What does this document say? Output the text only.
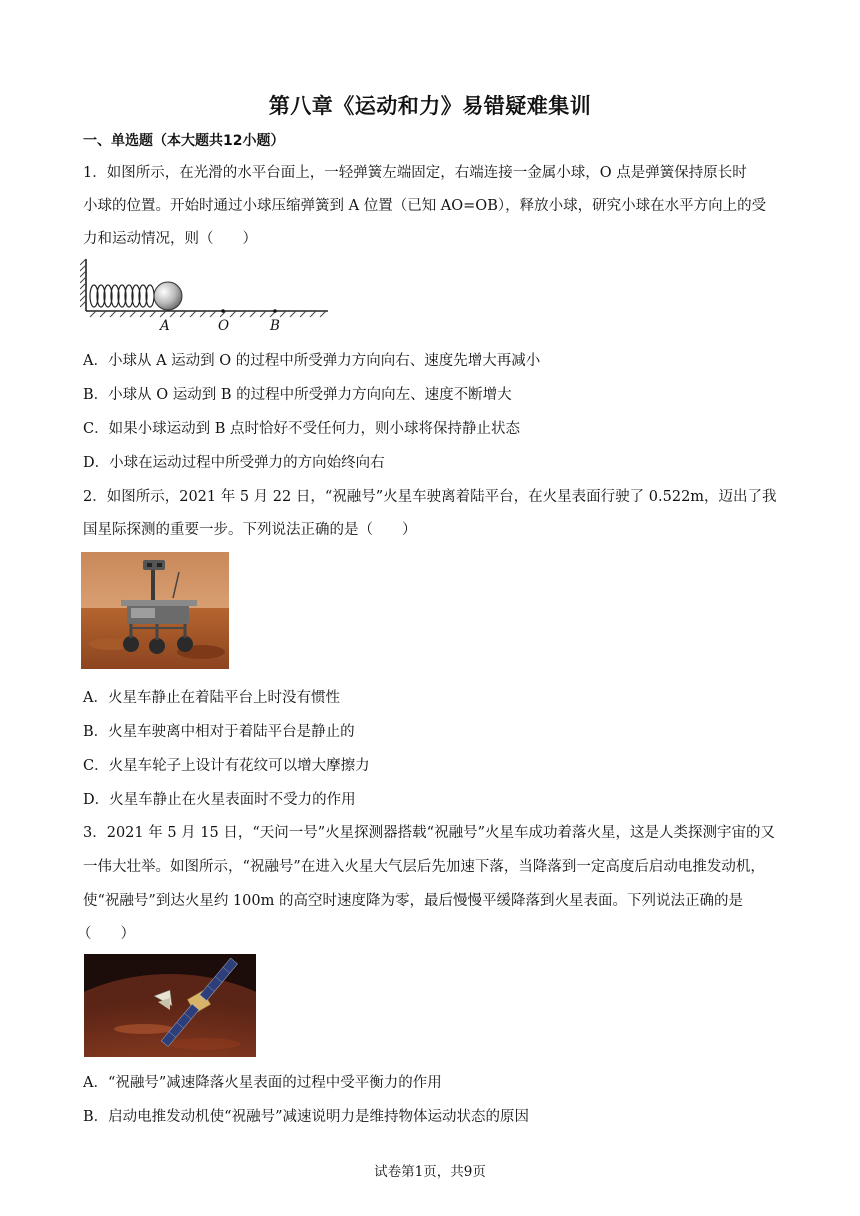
第八章《运动和力》易错疑难集训
一、单选题（本大题共12小题）
1．如图所示，在光滑的水平台面上，一轻弹簧左端固定，右端连接一金属小球，O 点是弹簧保持原长时
小球的位置。开始时通过小球压缩弹簧到 A 位置（已知 AO=OB），释放小球，研究小球在水平方向上的受
力和运动情况，则（　　）
A	O	B
A．小球从 A 运动到 O 的过程中所受弹力方向向右、速度先增大再减小
B．小球从 O 运动到 B 的过程中所受弹力方向向左、速度不断增大
C．如果小球运动到 B 点时恰好不受任何力，则小球将保持静止状态
D．小球在运动过程中所受弹力的方向始终向右
2．如图所示，2021 年 5 月 22 日，“祝融号”火星车驶离着陆平台，在火星表面行驶了 0.522m，迈出了我
国星际探测的重要一步。下列说法正确的是（　　）
A．火星车静止在着陆平台上时没有惯性
B．火星车驶离中相对于着陆平台是静止的
C．火星车轮子上设计有花纹可以增大摩擦力
D．火星车静止在火星表面时不受力的作用
3．2021 年 5 月 15 日，“天问一号”火星探测器搭载“祝融号”火星车成功着落火星，这是人类探测宇宙的又
一伟大壮举。如图所示，“祝融号”在进入火星大气层后先加速下落，当降落到一定高度后启动电推发动机，
使“祝融号”到达火星约 100m 的高空时速度降为零，最后慢慢平缓降落到火星表面。下列说法正确的是
（　　）
A．“祝融号”减速降落火星表面的过程中受平衡力的作用
B．启动电推发动机使“祝融号”减速说明力是维持物体运动状态的原因
试卷第1页，共9页
